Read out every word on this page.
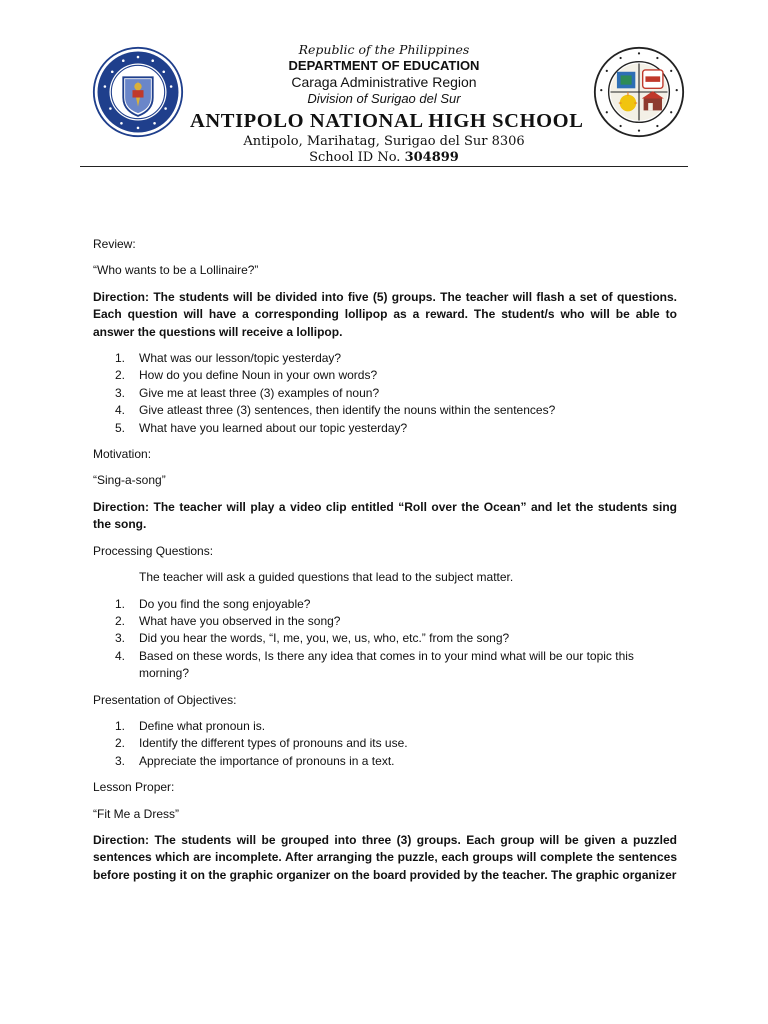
Republic of the Philippines
DEPARTMENT OF EDUCATION
Caraga Administrative Region
Division of Surigao del Sur
ANTIPOLO NATIONAL HIGH SCHOOL
Antipolo, Marihatag, Surigao del Sur 8306
School ID No. 304899

Review:

“Who wants to be a Lollinaire?”

Direction: The students will be divided into five (5) groups. The teacher will flash a set of questions. Each question will have a corresponding lollipop as a reward. The student/s who will be able to answer the questions will receive a lollipop.

1. What was our lesson/topic yesterday?
2. How do you define Noun in your own words?
3. Give me at least three (3) examples of noun?
4. Give atleast three (3) sentences, then identify the nouns within the sentences?
5. What have you learned about our topic yesterday?

Motivation:

“Sing-a-song”

Direction: The teacher will play a video clip entitled “Roll over the Ocean” and let the students sing the song.

Processing Questions:

The teacher will ask a guided questions that lead to the subject matter.

1. Do you find the song enjoyable?
2. What have you observed in the song?
3. Did you hear the words, “I, me, you, we, us, who, etc.” from the song?
4. Based on these words, Is there any idea that comes in to your mind what will be our topic this morning?

Presentation of Objectives:

1. Define what pronoun is.
2. Identify the different types of pronouns and its use.
3. Appreciate the importance of pronouns in a text.

Lesson Proper:

“Fit Me a Dress”

Direction: The students will be grouped into three (3) groups. Each group will be given a puzzled sentences which are incomplete. After arranging the puzzle, each groups will complete the sentences before posting it on the graphic organizer on the board provided by the teacher. The graphic organizer
